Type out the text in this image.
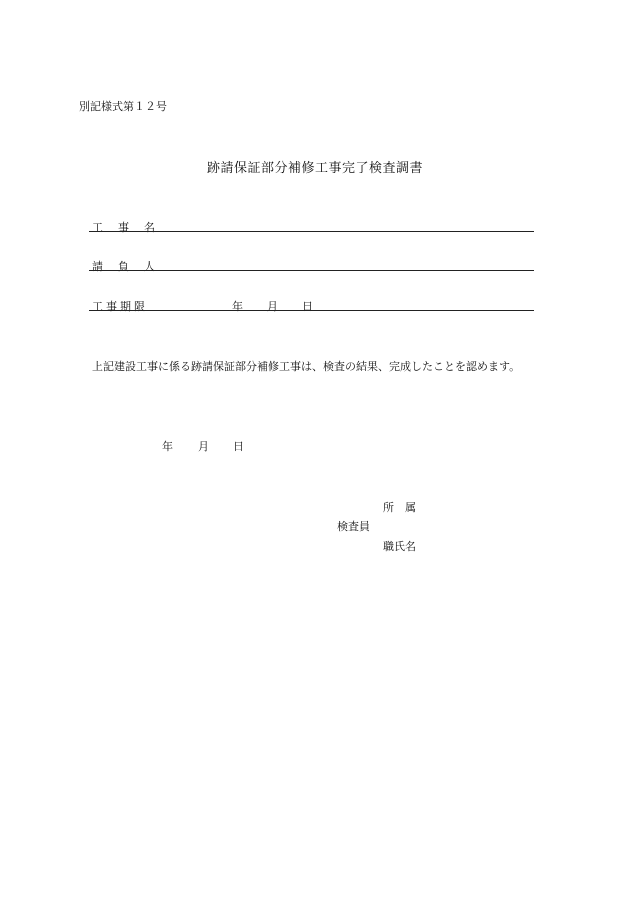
別記様式第１２号
跡請保証部分補修工事完了検査調書
工 事 名
請 負 人
工 事 期 限	年 月 日
上記建設工事に係る跡請保証部分補修工事は、検査の結果、完成したことを認めます。
年 月 日
所 属
検査員
職氏名
